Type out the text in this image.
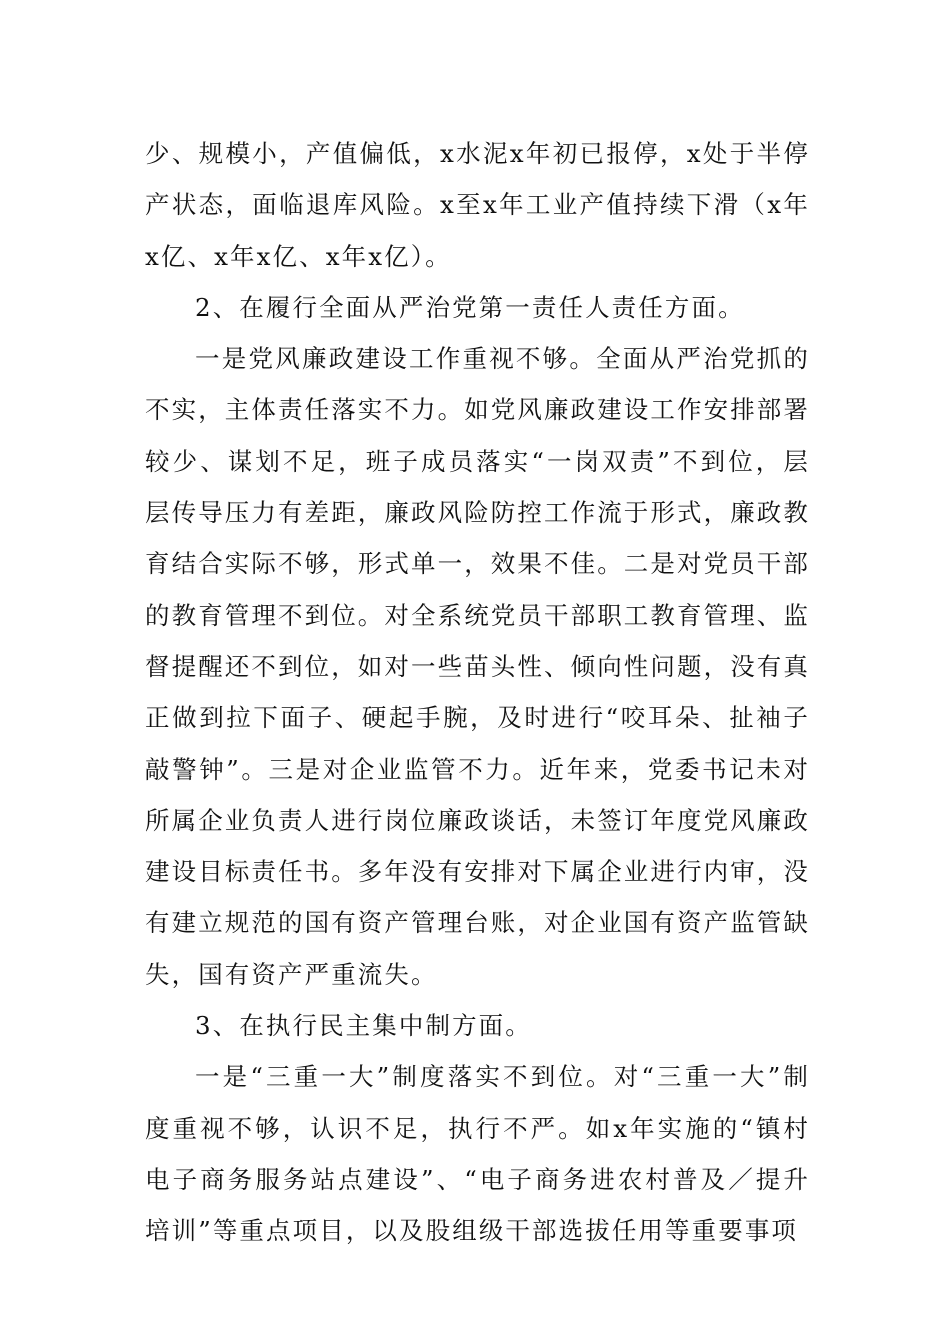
少、规模小，产值偏低，x水泥x年初已报停，x处于半停产状态，面临退库风险。x至x年工业产值持续下滑（x年x亿、x年x亿、x年x亿）。

2、在履行全面从严治党第一责任人责任方面。

一是党风廉政建设工作重视不够。全面从严治党抓的不实，主体责任落实不力。如党风廉政建设工作安排部署较少、谋划不足，班子成员落实“一岗双责”不到位，层层传导压力有差距，廉政风险防控工作流于形式，廉政教育结合实际不够，形式单一，效果不佳。二是对党员干部的教育管理不到位。对全系统党员干部职工教育管理、监督提醒还不到位，如对一些苗头性、倾向性问题，没有真正做到拉下面子、硬起手腕，及时进行“咬耳朵、扯袖子敲警钟”。三是对企业监管不力。近年来，党委书记未对所属企业负责人进行岗位廉政谈话，未签订年度党风廉政建设目标责任书。多年没有安排对下属企业进行内审，没有建立规范的国有资产管理台账，对企业国有资产监管缺失，国有资产严重流失。

3、在执行民主集中制方面。

一是“三重一大”制度落实不到位。对“三重一大”制度重视不够，认识不足，执行不严。如x年实施的“镇村电子商务服务站点建设”、“电子商务进农村普及／提升培训”等重点项目，以及股组级干部选拔任用等重要事项
